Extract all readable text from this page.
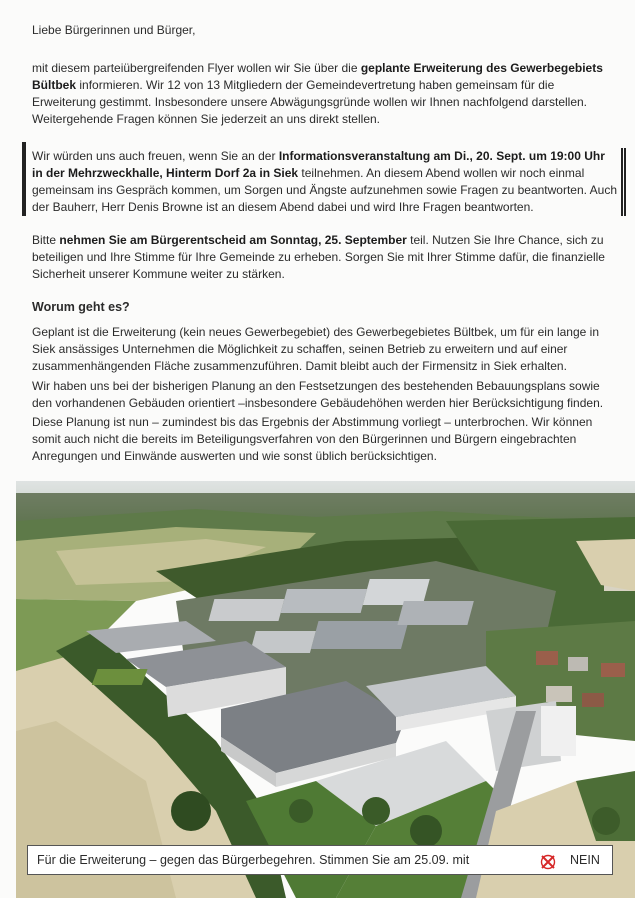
Liebe Bürgerinnen und Bürger,

mit diesem parteiübergreifenden Flyer wollen wir Sie über die geplante Erweiterung des Gewerbegebiets Bültbek informieren. Wir 12 von 13 Mitgliedern der Gemeindevertretung haben gemeinsam für die Erweiterung gestimmt. Insbesondere unsere Abwägungsgründe wollen wir Ihnen nachfolgend darstellen. Weitergehende Fragen können Sie jederzeit an uns direkt stellen.

Wir würden uns auch freuen, wenn Sie an der Informationsveranstaltung am Di., 20. Sept. um 19:00 Uhr in der Mehrzweckhalle, Hinterm Dorf 2a in Siek teilnehmen. An diesem Abend wollen wir noch einmal gemeinsam ins Gespräch kommen, um Sorgen und Ängste aufzunehmen sowie Fragen zu beantworten. Auch der Bauherr, Herr Denis Browne ist an diesem Abend dabei und wird Ihre Fragen beantworten.

Bitte nehmen Sie am Bürgerentscheid am Sonntag, 25. September teil. Nutzen Sie Ihre Chance, sich zu beteiligen und Ihre Stimme für Ihre Gemeinde zu erheben. Sorgen Sie mit Ihrer Stimme dafür, die finanzielle Sicherheit unserer Kommune weiter zu stärken.

Worum geht es?

Geplant ist die Erweiterung (kein neues Gewerbegebiet) des Gewerbegebietes Bültbek, um für ein lange in Siek ansässiges Unternehmen die Möglichkeit zu schaffen, seinen Betrieb zu erweitern und auf einer zusammenhängenden Fläche zusammenzuführen. Damit bleibt auch der Firmensitz in Siek erhalten.

Wir haben uns bei der bisherigen Planung an den Festsetzungen des bestehenden Bebauungsplans sowie den vorhandenen Gebäuden orientiert –insbesondere Gebäudehöhen werden hier Berücksichtigung finden.

Diese Planung ist nun – zumindest bis das Ergebnis der Abstimmung vorliegt – unterbrochen. Wir können somit auch nicht die bereits im Beteiligungsverfahren von den Bürgerinnen und Bürgern eingebrachten Anregungen und Einwände auswerten und wie sonst üblich berücksichtigen.

Für die Erweiterung – gegen das Bürgerbegehren. Stimmen Sie am 25.09. mit	NEIN
